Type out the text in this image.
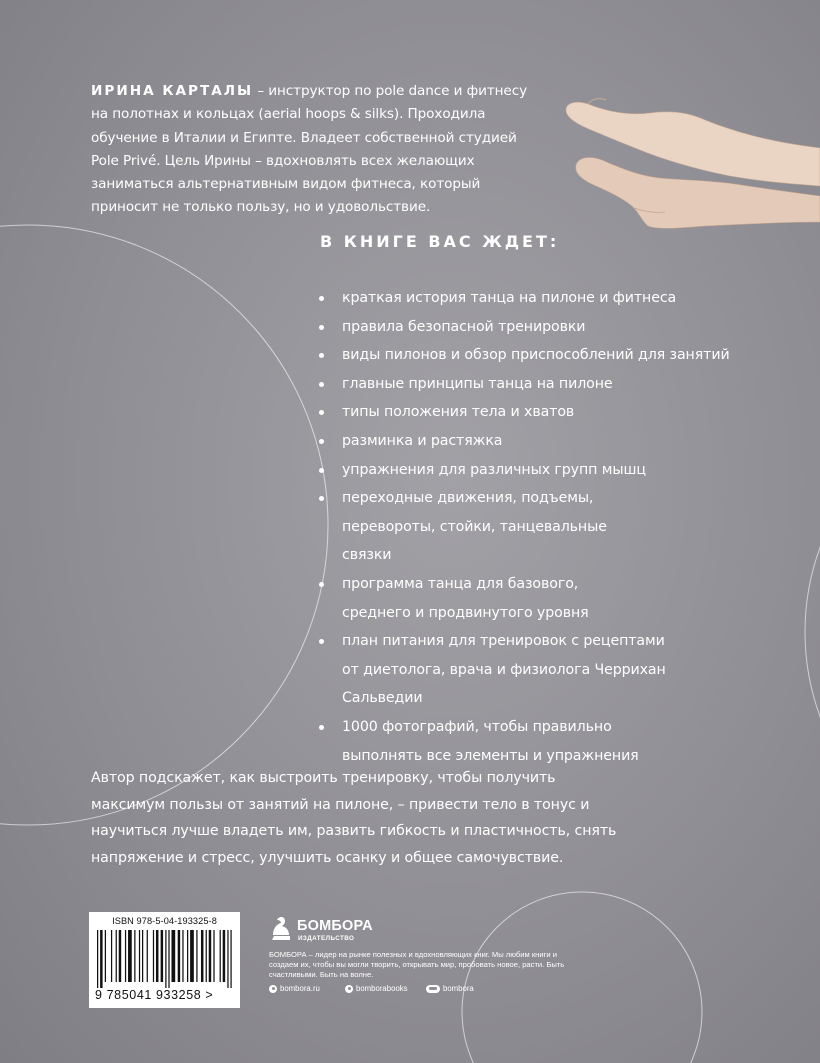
ИРИНА КАРТАЛЫ – инструктор по pole dance и фитнесу на полотнах и кольцах (aerial hoops & silks). Проходила обучение в Италии и Египте. Владеет собственной студией Pole Privé. Цель Ирины – вдохновлять всех желающих заниматься альтернативным видом фитнеса, который приносит не только пользу, но и удовольствие.
В КНИГЕ ВАС ЖДЕТ:
краткая история танца на пилоне и фитнеса
правила безопасной тренировки
виды пилонов и обзор приспособлений для занятий
главные принципы танца на пилоне
типы положения тела и хватов
разминка и растяжка
упражнения для различных групп мышц
переходные движения, подъемы, перевороты, стойки, танцевальные связки
программа танца для базового, среднего и продвинутого уровня
план питания для тренировок с рецептами от диетолога, врача и физиолога Черрихан Сальведии
1000 фотографий, чтобы правильно выполнять все элементы и упражнения
Автор подскажет, как выстроить тренировку, чтобы получить максимум пользы от занятий на пилоне, – привести тело в тонус и научиться лучше владеть им, развить гибкость и пластичность, снять напряжение и стресс, улучшить осанку и общее самочувствие.
ISBN 978-5-04-193325-8
9 785041 933258 >
БОМБОРА
ИЗДАТЕЛЬСТВО
БОМБОРА – лидер на рынке полезных и вдохновляющих книг. Мы любим книги и создаем их, чтобы вы могли творить, открывать мир, пробовать новое, расти. Быть счастливыми. Быть на волне.
bombora.ru	bomborabooks	bombora
